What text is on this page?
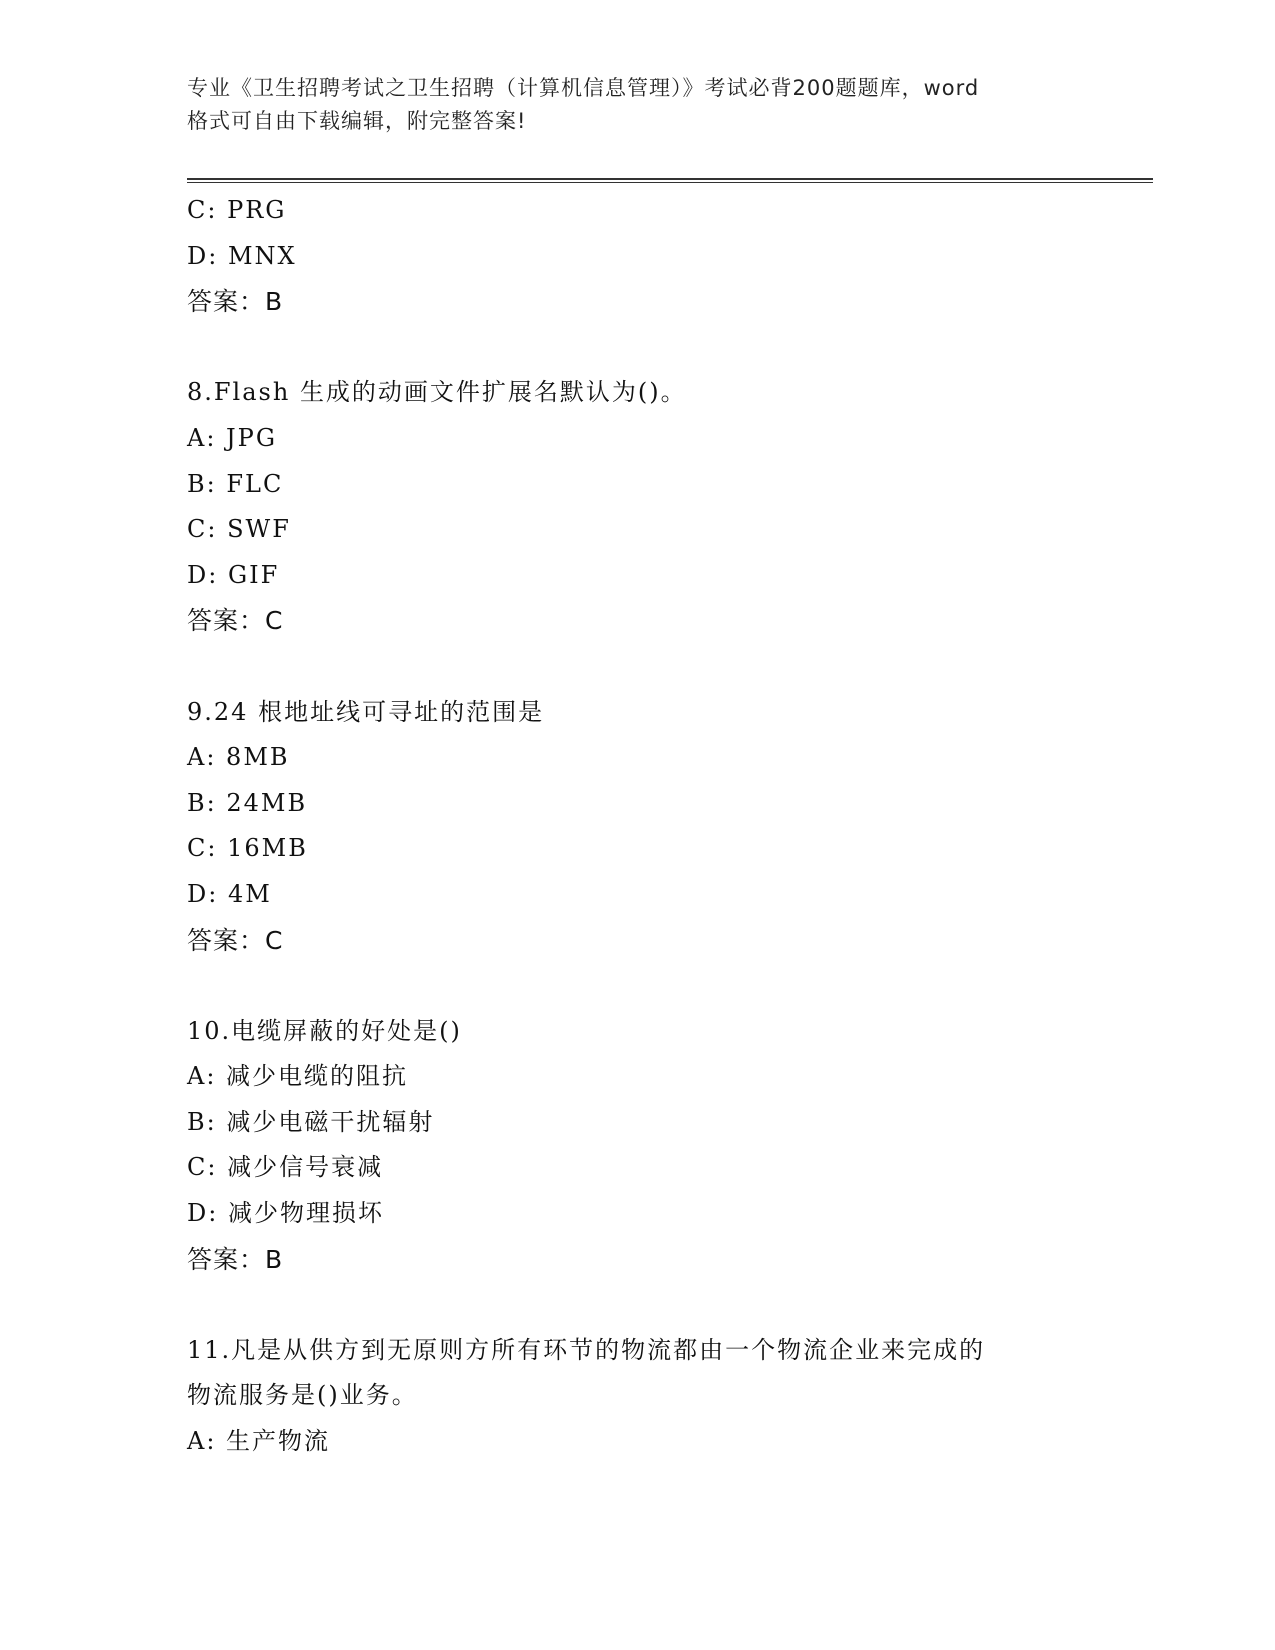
专业《卫生招聘考试之卫生招聘（计算机信息管理）》考试必背200题题库，word
格式可自由下载编辑，附完整答案!
C: PRG
D: MNX
答案：B
8.Flash 生成的动画文件扩展名默认为()。
A: JPG
B: FLC
C: SWF
D: GIF
答案：C
9.24 根地址线可寻址的范围是
A: 8MB
B: 24MB
C: 16MB
D: 4M
答案：C
10.电缆屏蔽的好处是()
A: 减少电缆的阻抗
B: 减少电磁干扰辐射
C: 减少信号衰减
D: 减少物理损坏
答案：B
11.凡是从供方到无原则方所有环节的物流都由一个物流企业来完成的
物流服务是()业务。
A: 生产物流
